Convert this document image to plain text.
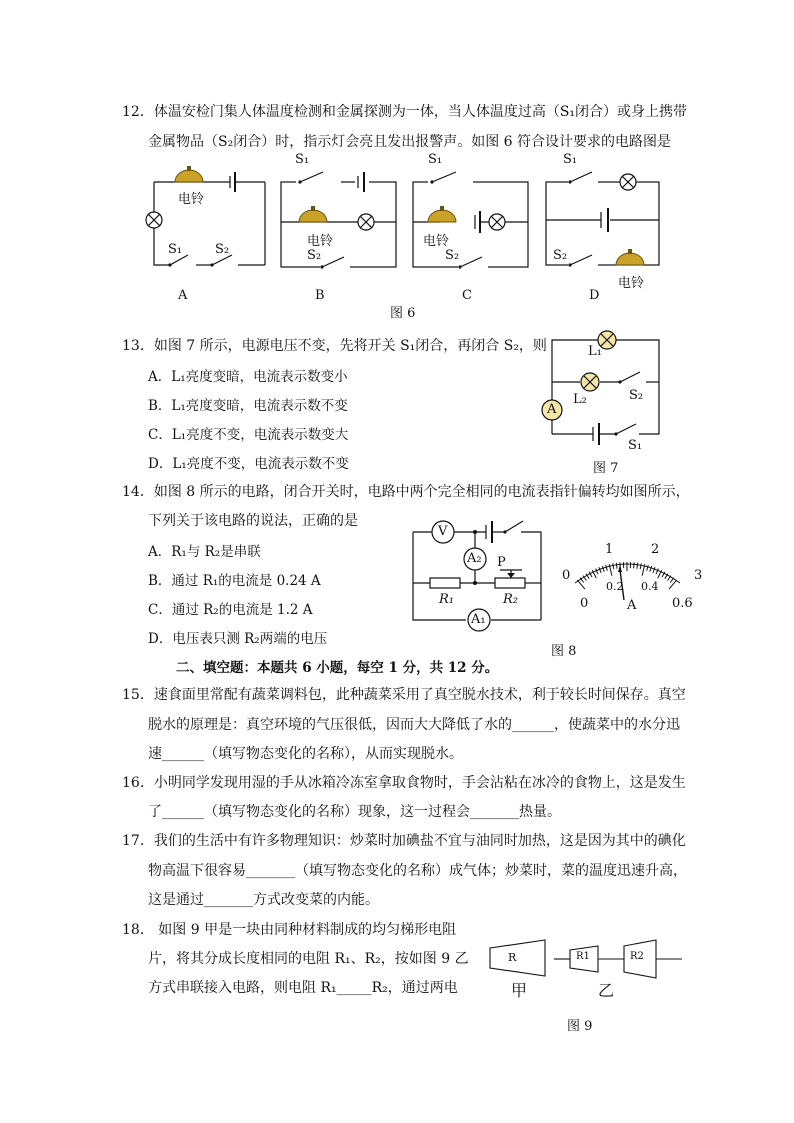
12．体温安检门集人体温度检测和金属探测为一体，当人体温度过高（S₁闭合）或身上携带
金属物品（S₂闭合）时，指示灯会亮且发出报警声。如图 6 符合设计要求的电路图是
电铃
S₁	S₂
S₁
电铃
S₂
S₁
电铃
S₂
S₁
S₂
电铃
A	B	C	D
图 6
13．如图 7 所示，电源电压不变，先将开关 S₁闭合，再闭合 S₂，则
A．L₁亮度变暗，电流表示数变小
B．L₁亮度变暗，电流表示数不变
C．L₁亮度不变，电流表示数变大
D．L₁亮度不变，电流表示数不变
L₁
L₂	S₂
S₁
A
图 7
14．如图 8 所示的电路，闭合开关时，电路中两个完全相同的电流表指针偏转均如图所示，
下列关于该电路的说法，正确的是
A．R₁与 R₂是串联
B．通过 R₁的电流是 0.24 A
C．通过 R₂的电流是 1.2 A
D．电压表只测 R₂两端的电压
V
A₂
A₁
P
R₁	R₂
0
1	2
3
0
0.2 0.4
0.6
A
图 8
二、填空题：本题共 6 小题，每空 1 分，共 12 分。
15．速食面里常配有蔬菜调料包，此种蔬菜采用了真空脱水技术，利于较长时间保存。真空
脱水的原理是：真空环境的气压很低，因而大大降低了水的______，使蔬菜中的水分迅
速______（填写物态变化的名称），从而实现脱水。
16．小明同学发现用湿的手从冰箱冷冻室拿取食物时，手会沾粘在冰冷的食物上，这是发生
了______（填写物态变化的名称）现象，这一过程会_______热量。
17．我们的生活中有许多物理知识：炒菜时加碘盐不宜与油同时加热，这是因为其中的碘化
物高温下很容易_______（填写物态变化的名称）成气体；炒菜时，菜的温度迅速升高，
这是通过_______方式改变菜的内能。
18． 如图 9 甲是一块由同种材料制成的均匀梯形电阻
片，将其分成长度相同的电阻 R₁、R₂，按如图 9 乙
方式串联接入电路，则电阻 R₁_____R₂，通过两电
R	R1	R2
甲	乙
图 9
